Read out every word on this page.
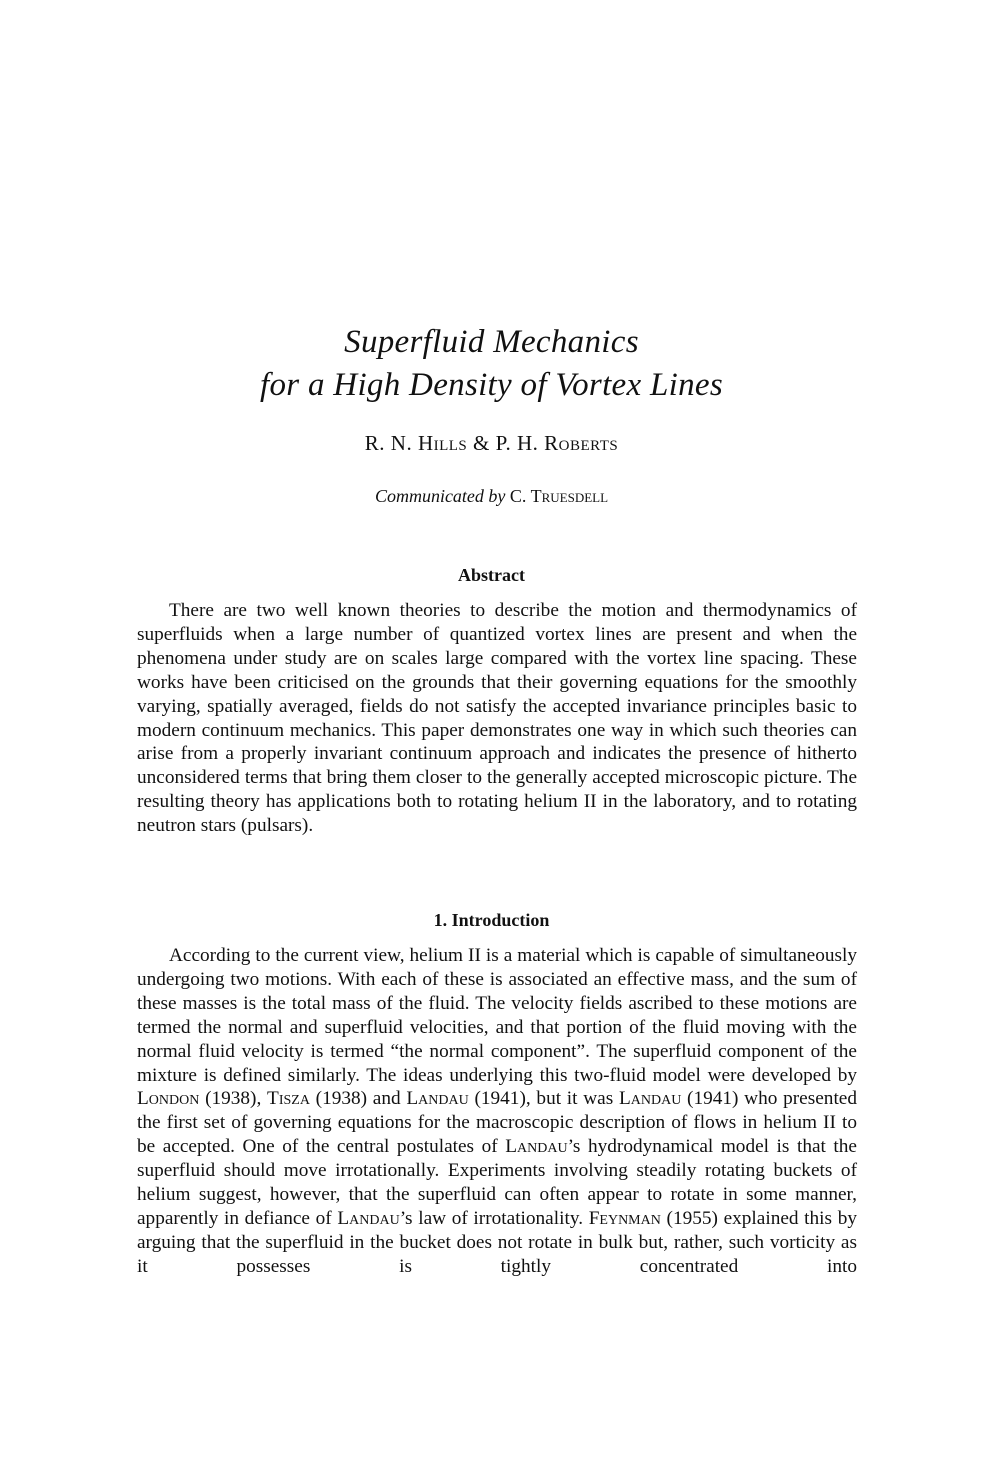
Superfluid Mechanics
for a High Density of Vortex Lines
R. N. Hills & P. H. Roberts
Communicated by C. Truesdell
Abstract
There are two well known theories to describe the motion and thermodynamics of superfluids when a large number of quantized vortex lines are present and when the phenomena under study are on scales large compared with the vortex line spacing. These works have been criticised on the grounds that their governing equations for the smoothly varying, spatially averaged, fields do not satisfy the accepted invariance principles basic to modern continuum mechanics. This paper demonstrates one way in which such theories can arise from a properly invariant continuum approach and indicates the presence of hitherto unconsidered terms that bring them closer to the generally accepted microscopic picture. The resulting theory has applications both to rotating helium II in the laboratory, and to rotating neutron stars (pulsars).
1. Introduction
According to the current view, helium II is a material which is capable of simultaneously undergoing two motions. With each of these is associated an effective mass, and the sum of these masses is the total mass of the fluid. The velocity fields ascribed to these motions are termed the normal and superfluid velocities, and that portion of the fluid moving with the normal fluid velocity is termed “the normal component”. The superfluid component of the mixture is defined similarly. The ideas underlying this two-fluid model were developed by London (1938), Tisza (1938) and Landau (1941), but it was Landau (1941) who presented the first set of governing equations for the macroscopic description of flows in helium II to be accepted. One of the central postulates of Landau’s hydrodynamical model is that the superfluid should move irrotationally. Experiments involving steadily rotating buckets of helium suggest, however, that the superfluid can often appear to rotate in some manner, apparently in defiance of Landau’s law of irrotationality. Feynman (1955) explained this by arguing that the superfluid in the bucket does not rotate in bulk but, rather, such vorticity as it possesses is tightly concentrated into
